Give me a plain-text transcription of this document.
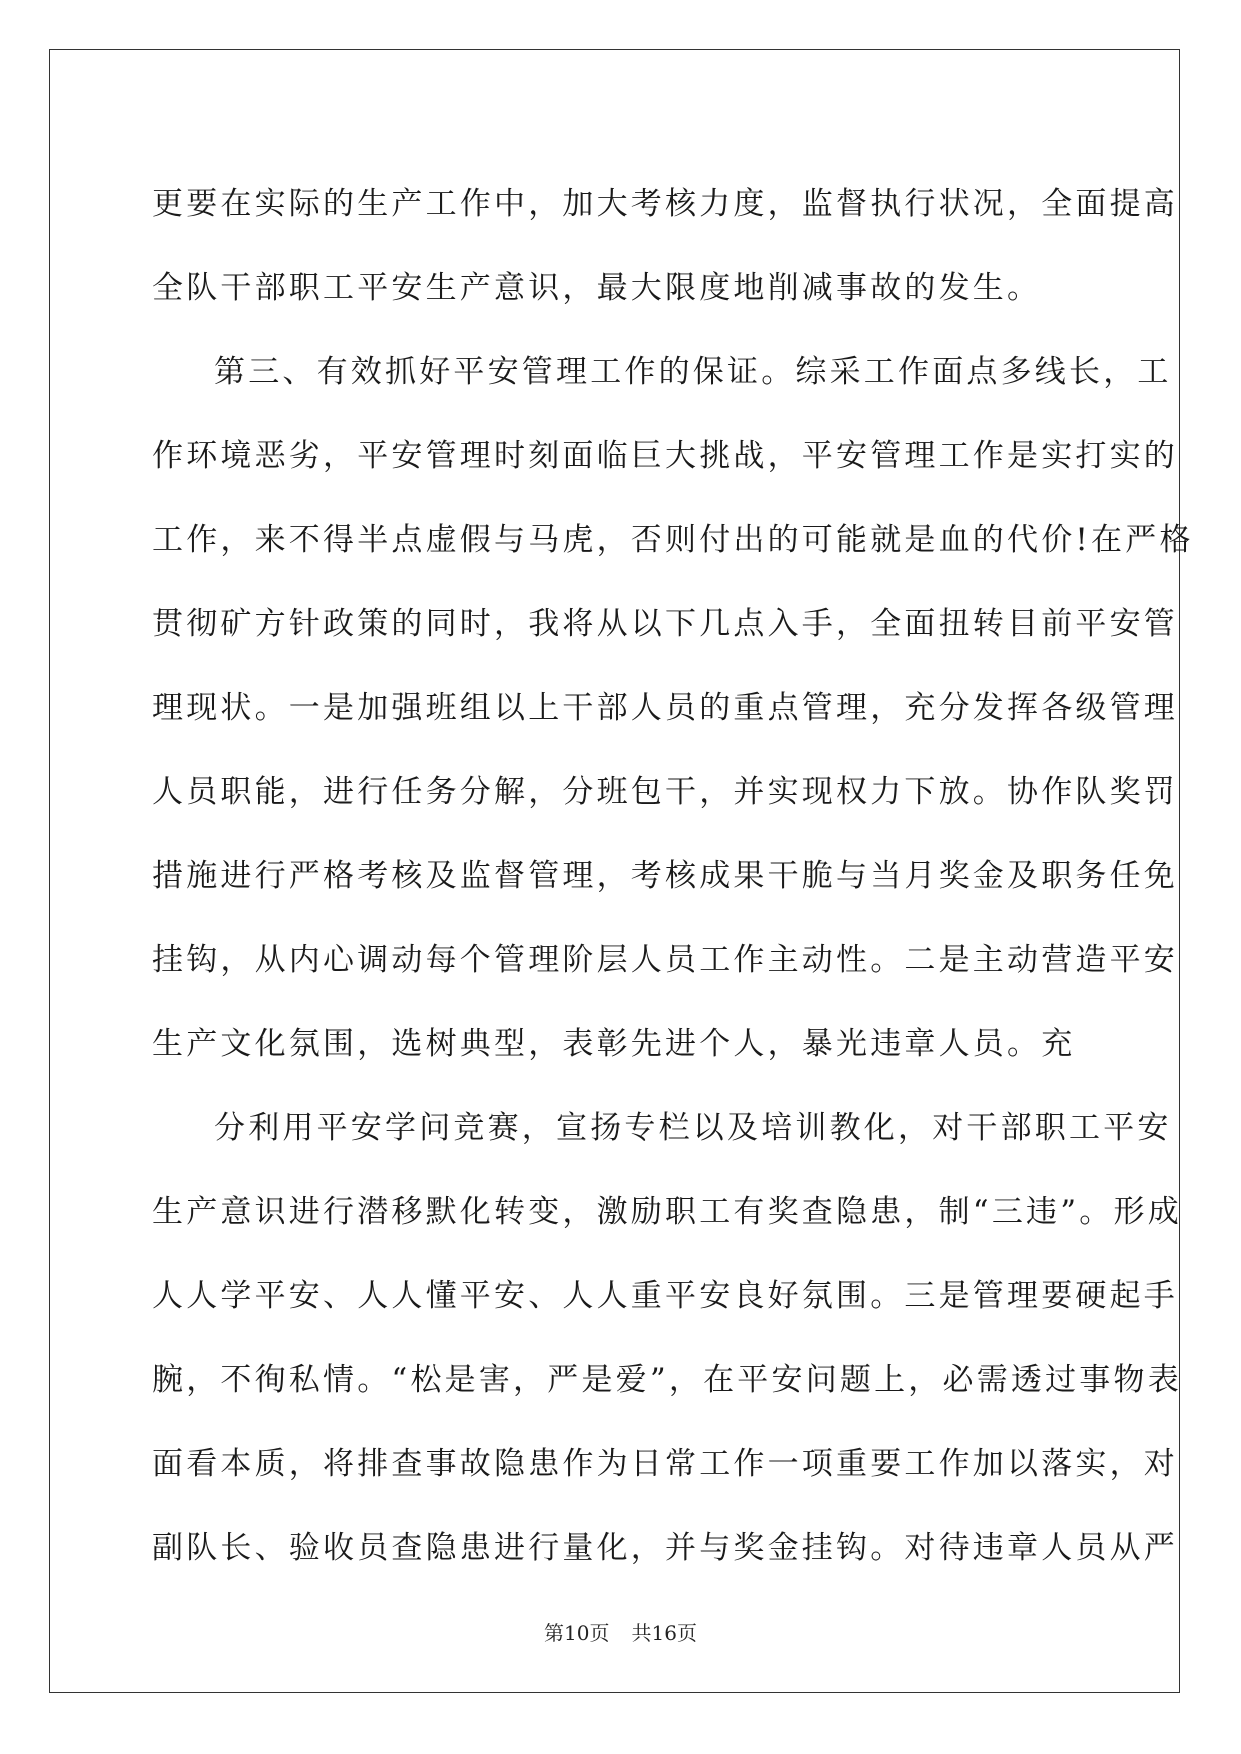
更要在实际的生产工作中，加大考核力度，监督执行状况，全面提高
全队干部职工平安生产意识，最大限度地削减事故的发生。

第三、有效抓好平安管理工作的保证。综采工作面点多线长，工
作环境恶劣，平安管理时刻面临巨大挑战，平安管理工作是实打实的
工作，来不得半点虚假与马虎，否则付出的可能就是血的代价!在严格
贯彻矿方针政策的同时，我将从以下几点入手，全面扭转目前平安管
理现状。一是加强班组以上干部人员的重点管理，充分发挥各级管理
人员职能，进行任务分解，分班包干，并实现权力下放。协作队奖罚
措施进行严格考核及监督管理，考核成果干脆与当月奖金及职务任免
挂钩，从内心调动每个管理阶层人员工作主动性。二是主动营造平安
生产文化氛围，选树典型，表彰先进个人，暴光违章人员。充

分利用平安学问竞赛，宣扬专栏以及培训教化，对干部职工平安
生产意识进行潜移默化转变，激励职工有奖查隐患，制“三违”。形成
人人学平安、人人懂平安、人人重平安良好氛围。三是管理要硬起手
腕，不徇私情。“松是害，严是爱”，在平安问题上，必需透过事物表
面看本质，将排查事故隐患作为日常工作一项重要工作加以落实，对
副队长、验收员查隐患进行量化，并与奖金挂钩。对待违章人员从严

第10页 共16页
